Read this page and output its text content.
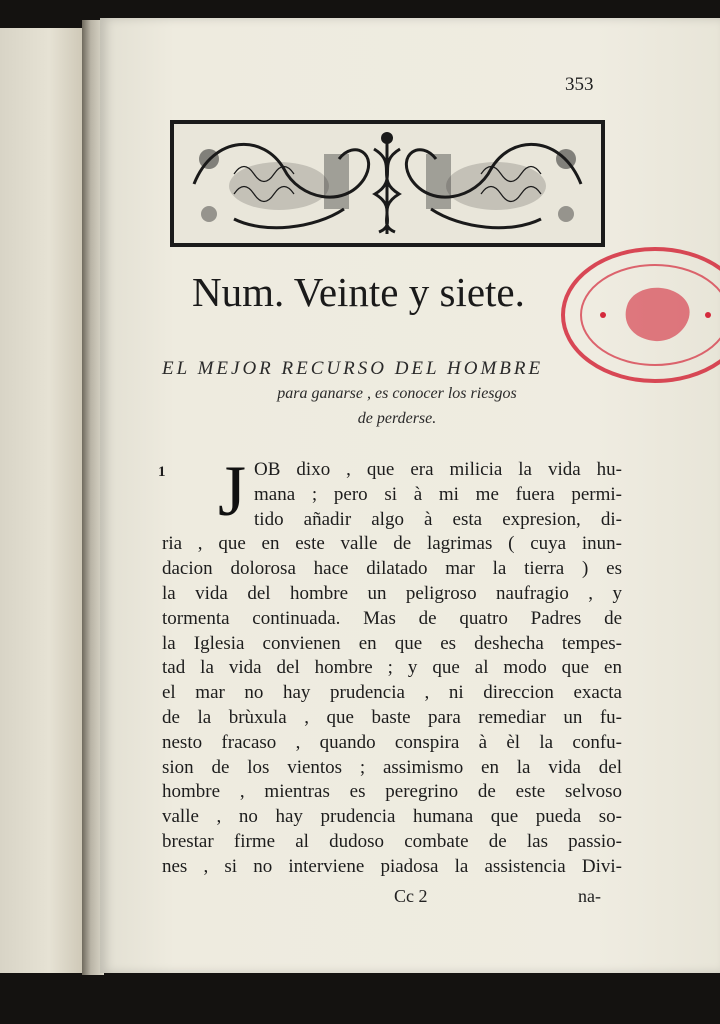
353
Num. Veinte y siete.
EL MEJOR RECURSO DEL HOMBRE
para ganarse , es conocer los riesgos
de perderse.
1 J OB dixo , que era milicia la vida hu-
mana ; pero si à mi me fuera permi-
tido añadir algo à esta expresion, di-
ria , que en este valle de lagrimas ( cuya inun-
dacion dolorosa hace dilatado mar la tierra ) es
la vida del hombre un peligroso naufragio , y
tormenta continuada. Mas de quatro Padres de
la Iglesia convienen en que es deshecha tempes-
tad la vida del hombre ; y que al modo que en
el mar no hay prudencia , ni direccion exacta
de la brùxula , que baste para remediar un fu-
nesto fracaso , quando conspira à èl la confu-
sion de los vientos ; assimismo en la vida del
hombre , mientras es peregrino de este selvoso
valle , no hay prudencia humana que pueda so-
brestar firme al dudoso combate de las passio-
nes , si no interviene piadosa la assistencia Divi-
Cc 2	na-
